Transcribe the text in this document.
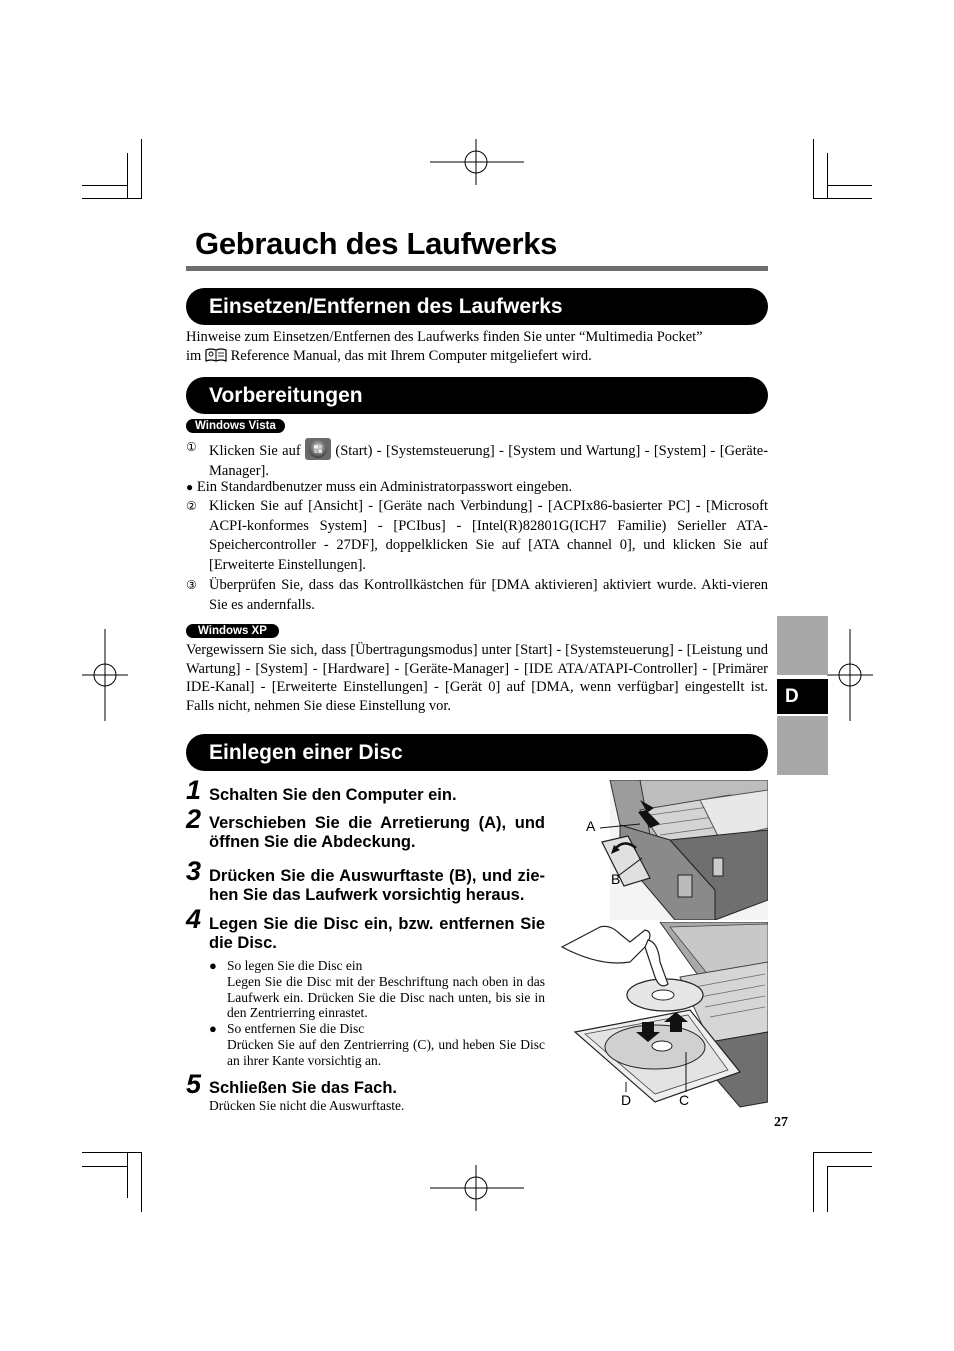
Gebrauch des Laufwerks
Einsetzen/Entfernen des Laufwerks
Hinweise zum Einsetzen/Entfernen des Laufwerks finden Sie unter “Multimedia Pocket”
im Reference Manual, das mit Ihrem Computer mitgeliefert wird.
Vorbereitungen
Windows Vista
① Klicken Sie auf (Start) - [Systemsteuerung] - [System und Wartung] - [System] - [Geräte-Manager].
● Ein Standardbenutzer muss ein Administratorpasswort eingeben.
② Klicken Sie auf [Ansicht] - [Geräte nach Verbindung] - [ACPIx86-basierter PC] - [Microsoft ACPI-konformes System] - [PCIbus] - [Intel(R)82801G(ICH7 Familie) Serieller ATA-Speichercontroller - 27DF], doppelklicken Sie auf [ATA channel 0], und klicken Sie auf [Erweiterte Einstellungen].
③ Überprüfen Sie, dass das Kontrollkästchen für [DMA aktivieren] aktiviert wurde. Akti-vieren Sie es andernfalls.
Windows XP
Vergewissern Sie sich, dass [Übertragungsmodus] unter [Start] - [Systemsteuerung] - [Leistung und Wartung] - [System] - [Hardware] - [Geräte-Manager] - [IDE ATA/ATAPI-Controller] - [Primärer IDE-Kanal] - [Erweiterte Einstellungen] - [Gerät 0] auf [DMA, wenn verfügbar] eingestellt ist. Falls nicht, nehmen Sie diese Einstellung vor.	D
Einlegen einer Disc
1 Schalten Sie den Computer ein.
2 Verschieben Sie die Arretierung (A), und öffnen Sie die Abdeckung.
3 Drücken Sie die Auswurftaste (B), und zie-hen Sie das Laufwerk vorsichtig heraus.
4 Legen Sie die Disc ein, bzw. entfernen Sie die Disc.
● So legen Sie die Disc ein
Legen Sie die Disc mit der Beschriftung nach oben in das Laufwerk ein. Drücken Sie die Disc nach unten, bis sie in den Zentrierring einrastet.
● So entfernen Sie die Disc
Drücken Sie auf den Zentrierring (C), und heben Sie Disc an ihrer Kante vorsichtig an.
5 Schließen Sie das Fach.
Drücken Sie nicht die Auswurftaste.
A
B
D	C
27
